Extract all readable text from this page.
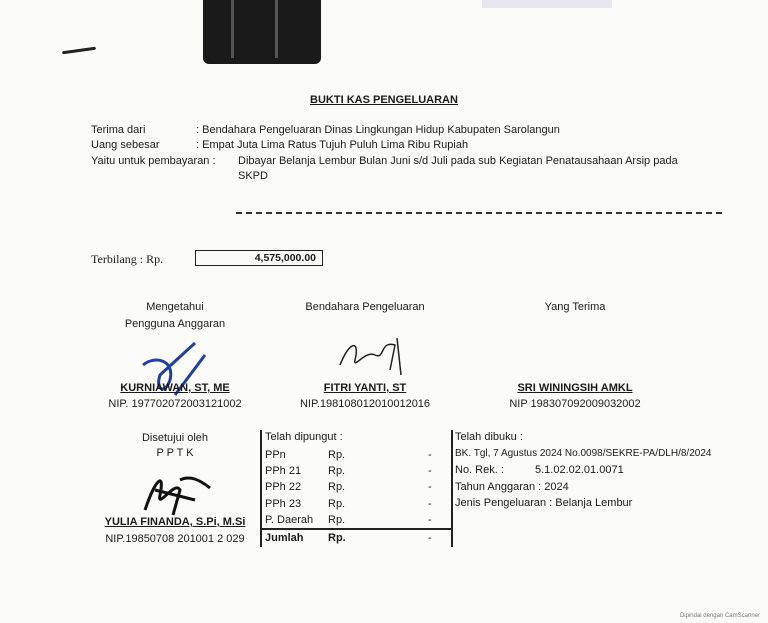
BUKTI KAS PENGELUARAN
Terima dari	: Bendahara Pengeluaran Dinas Lingkungan Hidup Kabupaten Sarolangun
Uang sebesar	: Empat Juta Lima Ratus Tujuh Puluh Lima Ribu Rupiah
Yaitu untuk pembayaran : Dibayar Belanja Lembur Bulan Juni s/d Juli pada sub Kegiatan Penatausahaan Arsip pada
SKPD
Terbilang : Rp.	4,575,000.00
Mengetahui
Pengguna Anggaran
KURNIAWAN, ST, ME
NIP. 197702072003121002
Bendahara Pengeluaran
FITRI YANTI, ST
NIP.198108012010012016
Yang Terima
SRI WININGSIH AMKL
NIP 198307092009032002
Disetujui oleh
P P T K
YULIA FINANDA, S.Pi, M.Si
NIP.19850708 201001 2 029
Telah dipungut :
PPn	Rp.	-
PPh 21 Rp.	-
PPh 22 Rp.	-
PPh 23 Rp.	-
P. Daerah Rp.	-
Jumlah Rp.	-
Telah dibuku :
BK. Tgl, 7 Agustus 2024 No.0098/SEKRE-PA/DLH/8/2024
No. Rek. :	5.1.02.02.01.0071
Tahun Anggaran : 2024
Jenis Pengeluaran : Belanja Lembur
Dipindai dengan CamScanner
